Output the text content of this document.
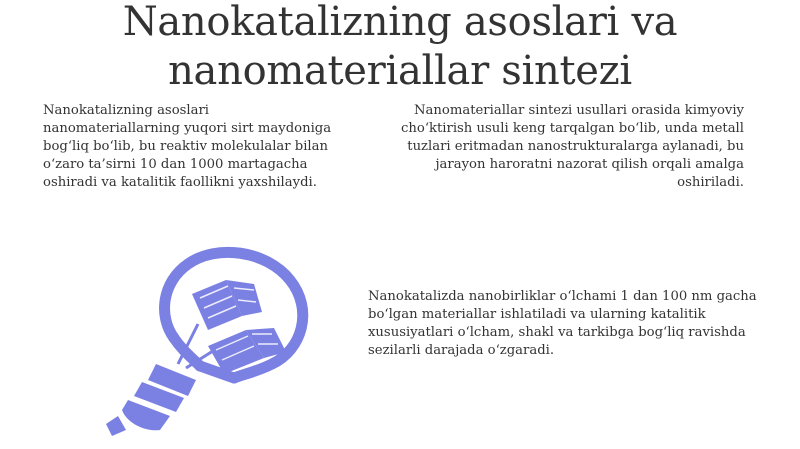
Nanokatalizning asoslari va
nanomateriallar sintezi

Nanokatalizning asoslari nanomateriallarning yuqori sirt maydoniga bog‘liq bo‘lib, bu reaktiv molekulalar bilan o‘zaro ta’sirni 10 dan 1000 martagacha oshiradi va katalitik faollikni yaxshilaydi.

Nanomateriallar sintezi usullari orasida kimyoviy cho‘ktirish usuli keng tarqalgan bo‘lib, unda metall tuzlari eritmadan nanostrukturalarga aylanadi, bu jarayon haroratni nazorat qilish orqali amalga oshiriladi.

Nanokatalizda nanobirliklar o‘lchami 1 dan 100 nm gacha bo‘lgan materiallar ishlatiladi va ularning katalitik xususiyatlari o‘lcham, shakl va tarkibga bog‘liq ravishda sezilarli darajada o‘zgaradi.
